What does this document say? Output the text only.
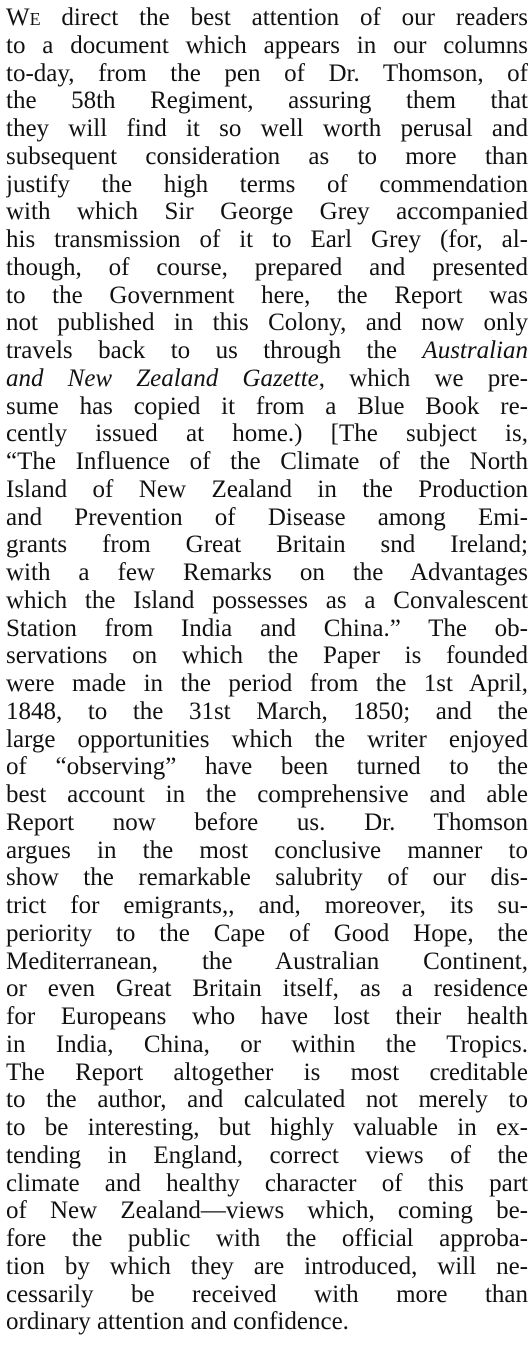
We direct the best attention of our readers
to a document which appears in our columns
to-day, from the pen of Dr. Thomson, of
the 58th Regiment, assuring them that
they will find it so well worth perusal and
subsequent consideration as to more than
justify the high terms of commendation
with which Sir George Grey accompanied
his transmission of it to Earl Grey (for, al-
though, of course, prepared and presented
to the Government here, the Report was
not published in this Colony, and now only
travels back to us through the Australian
and New Zealand Gazette, which we pre-
sume has copied it from a Blue Book re-
cently issued at home.) [The subject is,
“The Influence of the Climate of the North
Island of New Zealand in the Production
and Prevention of Disease among Emi-
grants from Great Britain snd Ireland;
with a few Remarks on the Advantages
which the Island possesses as a Convalescent
Station from India and China.” The ob-
servations on which the Paper is founded
were made in the period from the 1st April,
1848, to the 31st March, 1850; and the
large opportunities which the writer enjoyed
of “observing” have been turned to the
best account in the comprehensive and able
Report now before us. Dr. Thomson
argues in the most conclusive manner to
show the remarkable salubrity of our dis-
trict for emigrants,, and, moreover, its su-
periority to the Cape of Good Hope, the
Mediterranean, the Australian Continent,
or even Great Britain itself, as a residence
for Europeans who have lost their health
in India, China, or within the Tropics.
The Report altogether is most creditable
to the author, and calculated not merely to
to be interesting, but highly valuable in ex-
tending in England, correct views of the
climate and healthy character of this part
of New Zealand—views which, coming be-
fore the public with the official approba-
tion by which they are introduced, will ne-
cessarily be received with more than
ordinary attention and confidence.
